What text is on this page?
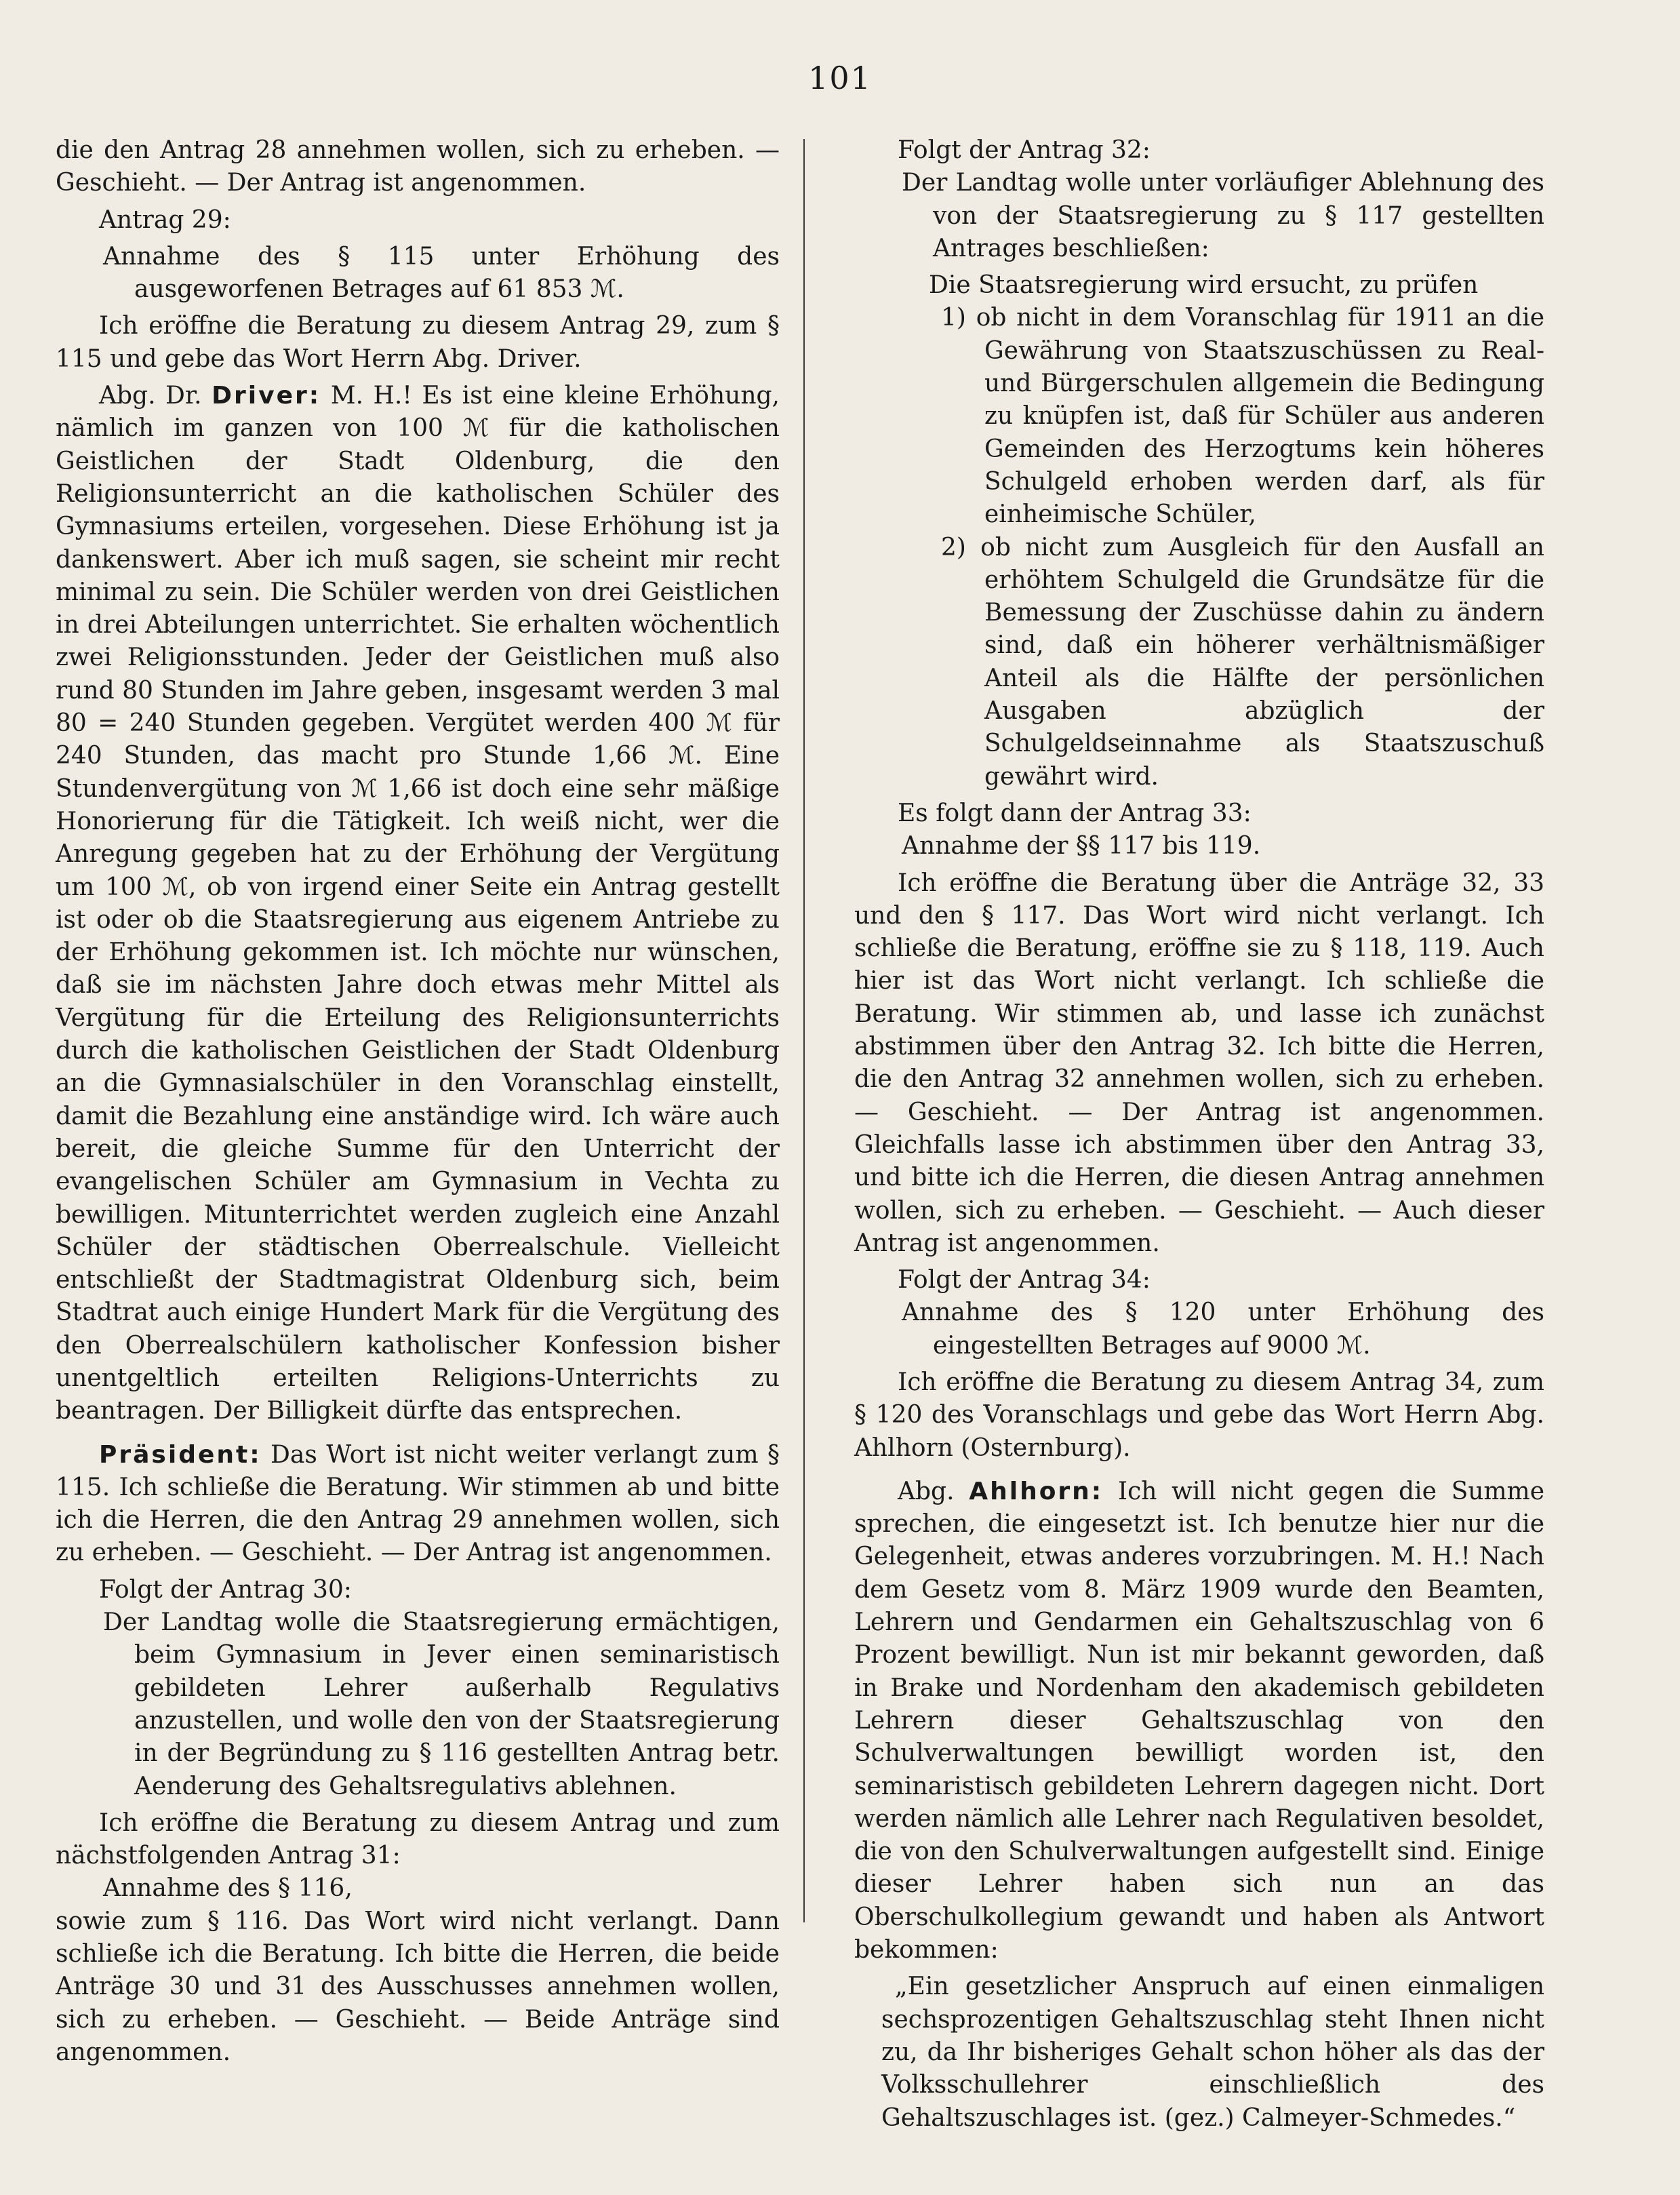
101

die den Antrag 28 annehmen wollen, sich zu erheben. — Geschieht. — Der Antrag ist angenommen.

Antrag 29:

Annahme des § 115 unter Erhöhung des ausgeworfenen Betrages auf 61 853 ℳ.

Ich eröffne die Beratung zu diesem Antrag 29, zum § 115 und gebe das Wort Herrn Abg. Driver.

Abg. Dr. Driver: M. H.! Es ist eine kleine Erhöhung, nämlich im ganzen von 100 ℳ für die katholischen Geistlichen der Stadt Oldenburg, die den Religionsunterricht an die katholischen Schüler des Gymnasiums erteilen, vorgesehen. Diese Erhöhung ist ja dankenswert. Aber ich muß sagen, sie scheint mir recht minimal zu sein. Die Schüler werden von drei Geistlichen in drei Abteilungen unterrichtet. Sie erhalten wöchentlich zwei Religionsstunden. Jeder der Geistlichen muß also rund 80 Stunden im Jahre geben, insgesamt werden 3 mal 80 = 240 Stunden gegeben. Vergütet werden 400 ℳ für 240 Stunden, das macht pro Stunde 1,66 ℳ. Eine Stundenvergütung von ℳ 1,66 ist doch eine sehr mäßige Honorierung für die Tätigkeit. Ich weiß nicht, wer die Anregung gegeben hat zu der Erhöhung der Vergütung um 100 ℳ, ob von irgend einer Seite ein Antrag gestellt ist oder ob die Staatsregierung aus eigenem Antriebe zu der Erhöhung gekommen ist. Ich möchte nur wünschen, daß sie im nächsten Jahre doch etwas mehr Mittel als Vergütung für die Erteilung des Religionsunterrichts durch die katholischen Geistlichen der Stadt Oldenburg an die Gymnasialschüler in den Voranschlag einstellt, damit die Bezahlung eine anständige wird. Ich wäre auch bereit, die gleiche Summe für den Unterricht der evangelischen Schüler am Gymnasium in Vechta zu bewilligen. Mitunterrichtet werden zugleich eine Anzahl Schüler der städtischen Oberrealschule. Vielleicht entschließt der Stadtmagistrat Oldenburg sich, beim Stadtrat auch einige Hundert Mark für die Vergütung des den Oberrealschülern katholischer Konfession bisher unentgeltlich erteilten Religions-Unterrichts zu beantragen. Der Billigkeit dürfte das entsprechen.

Präsident: Das Wort ist nicht weiter verlangt zum § 115. Ich schließe die Beratung. Wir stimmen ab und bitte ich die Herren, die den Antrag 29 annehmen wollen, sich zu erheben. — Geschieht. — Der Antrag ist angenommen.

Folgt der Antrag 30:

Der Landtag wolle die Staatsregierung ermächtigen, beim Gymnasium in Jever einen seminaristisch gebildeten Lehrer außerhalb Regulativs anzustellen, und wolle den von der Staatsregierung in der Begründung zu § 116 gestellten Antrag betr. Aenderung des Gehaltsregulativs ablehnen.

Ich eröffne die Beratung zu diesem Antrag und zum nächstfolgenden Antrag 31:

Annahme des § 116,

sowie zum § 116. Das Wort wird nicht verlangt. Dann schließe ich die Beratung. Ich bitte die Herren, die beide Anträge 30 und 31 des Ausschusses annehmen wollen, sich zu erheben. — Geschieht. — Beide Anträge sind angenommen.

Folgt der Antrag 32:

Der Landtag wolle unter vorläufiger Ablehnung des von der Staatsregierung zu § 117 gestellten Antrages beschließen:

Die Staatsregierung wird ersucht, zu prüfen

1) ob nicht in dem Voranschlag für 1911 an die Gewährung von Staatszuschüssen zu Real- und Bürgerschulen allgemein die Bedingung zu knüpfen ist, daß für Schüler aus anderen Gemeinden des Herzogtums kein höheres Schulgeld erhoben werden darf, als für einheimische Schüler,

2) ob nicht zum Ausgleich für den Ausfall an erhöhtem Schulgeld die Grundsätze für die Bemessung der Zuschüsse dahin zu ändern sind, daß ein höherer verhältnismäßiger Anteil als die Hälfte der persönlichen Ausgaben abzüglich der Schulgeldseinnahme als Staatszuschuß gewährt wird.

Es folgt dann der Antrag 33:

Annahme der §§ 117 bis 119.

Ich eröffne die Beratung über die Anträge 32, 33 und den § 117. Das Wort wird nicht verlangt. Ich schließe die Beratung, eröffne sie zu § 118, 119. Auch hier ist das Wort nicht verlangt. Ich schließe die Beratung. Wir stimmen ab, und lasse ich zunächst abstimmen über den Antrag 32. Ich bitte die Herren, die den Antrag 32 annehmen wollen, sich zu erheben. — Geschieht. — Der Antrag ist angenommen. Gleichfalls lasse ich abstimmen über den Antrag 33, und bitte ich die Herren, die diesen Antrag annehmen wollen, sich zu erheben. — Geschieht. — Auch dieser Antrag ist angenommen.

Folgt der Antrag 34:

Annahme des § 120 unter Erhöhung des eingestellten Betrages auf 9000 ℳ.

Ich eröffne die Beratung zu diesem Antrag 34, zum § 120 des Voranschlags und gebe das Wort Herrn Abg. Ahlhorn (Osternburg).

Abg. Ahlhorn: Ich will nicht gegen die Summe sprechen, die eingesetzt ist. Ich benutze hier nur die Gelegenheit, etwas anderes vorzubringen. M. H.! Nach dem Gesetz vom 8. März 1909 wurde den Beamten, Lehrern und Gendarmen ein Gehaltszuschlag von 6 Prozent bewilligt. Nun ist mir bekannt geworden, daß in Brake und Nordenham den akademisch gebildeten Lehrern dieser Gehaltszuschlag von den Schulverwaltungen bewilligt worden ist, den seminaristisch gebildeten Lehrern dagegen nicht. Dort werden nämlich alle Lehrer nach Regulativen besoldet, die von den Schulverwaltungen aufgestellt sind. Einige dieser Lehrer haben sich nun an das Oberschulkollegium gewandt und haben als Antwort bekommen:

„Ein gesetzlicher Anspruch auf einen einmaligen sechsprozentigen Gehaltszuschlag steht Ihnen nicht zu, da Ihr bisheriges Gehalt schon höher als das der Volksschullehrer einschließlich des Gehaltszuschlages ist. (gez.) Calmeyer-Schmedes.“
